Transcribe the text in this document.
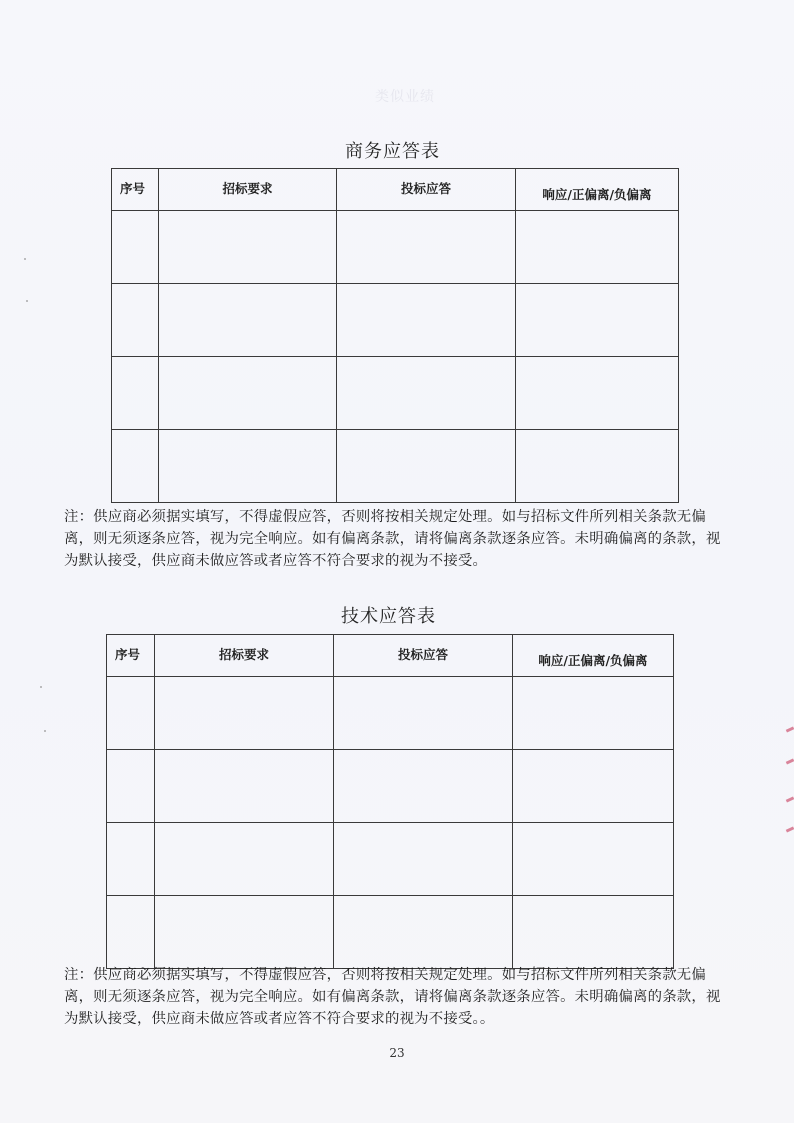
类似业绩
商务应答表
序号	招标要求	投标应答	响应/正偏离/负偏离

注：供应商必须据实填写，不得虚假应答，否则将按相关规定处理。如与招标文件所列相关条款无偏离，则无须逐条应答，视为完全响应。如有偏离条款，请将偏离条款逐条应答。未明确偏离的条款，视为默认接受，供应商未做应答或者应答不符合要求的视为不接受。
技术应答表
序号	招标要求	投标应答	响应/正偏离/负偏离

注：供应商必须据实填写，不得虚假应答，否则将按相关规定处理。如与招标文件所列相关条款无偏离，则无须逐条应答，视为完全响应。如有偏离条款，请将偏离条款逐条应答。未明确偏离的条款，视为默认接受，供应商未做应答或者应答不符合要求的视为不接受。。
23
